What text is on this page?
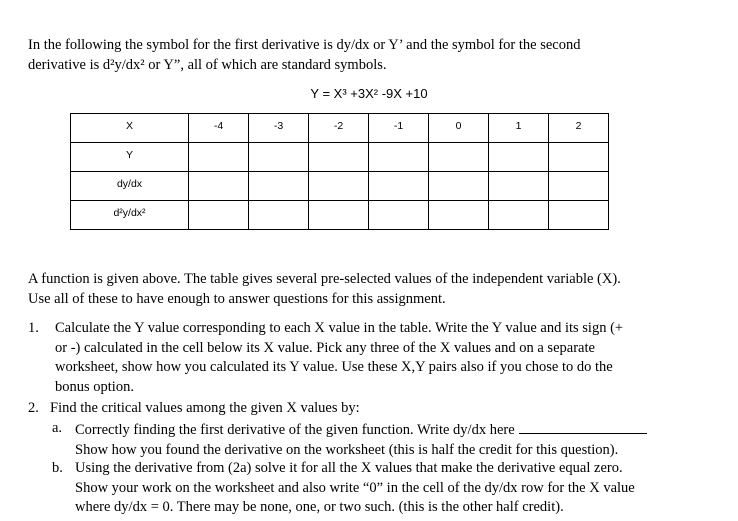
In the following the symbol for the first derivative is dy/dx or Y’ and the symbol for the second
derivative is d²y/dx² or Y”, all of which are standard symbols.
Y = X³ +3X² -9X +10
X	-4	-3	-2	-1	0	1	2
Y							
dy/dx							
d²y/dx²							
A function is given above. The table gives several pre-selected values of the independent variable (X).
Use all of these to have enough to answer questions for this assignment.
1. Calculate the Y value corresponding to each X value in the table. Write the Y value and its sign (+
or -) calculated in the cell below its X value. Pick any three of the X values and on a separate
worksheet, show how you calculated its Y value. Use these X,Y pairs also if you chose to do the
bonus option.
2. Find the critical values among the given X values by:
a. Correctly finding the first derivative of the given function. Write dy/dx here
Show how you found the derivative on the worksheet (this is half the credit for this question).
b. Using the derivative from (2a) solve it for all the X values that make the derivative equal zero.
Show your work on the worksheet and also write “0” in the cell of the dy/dx row for the X value
where dy/dx = 0. There may be none, one, or two such. (this is the other half credit).
